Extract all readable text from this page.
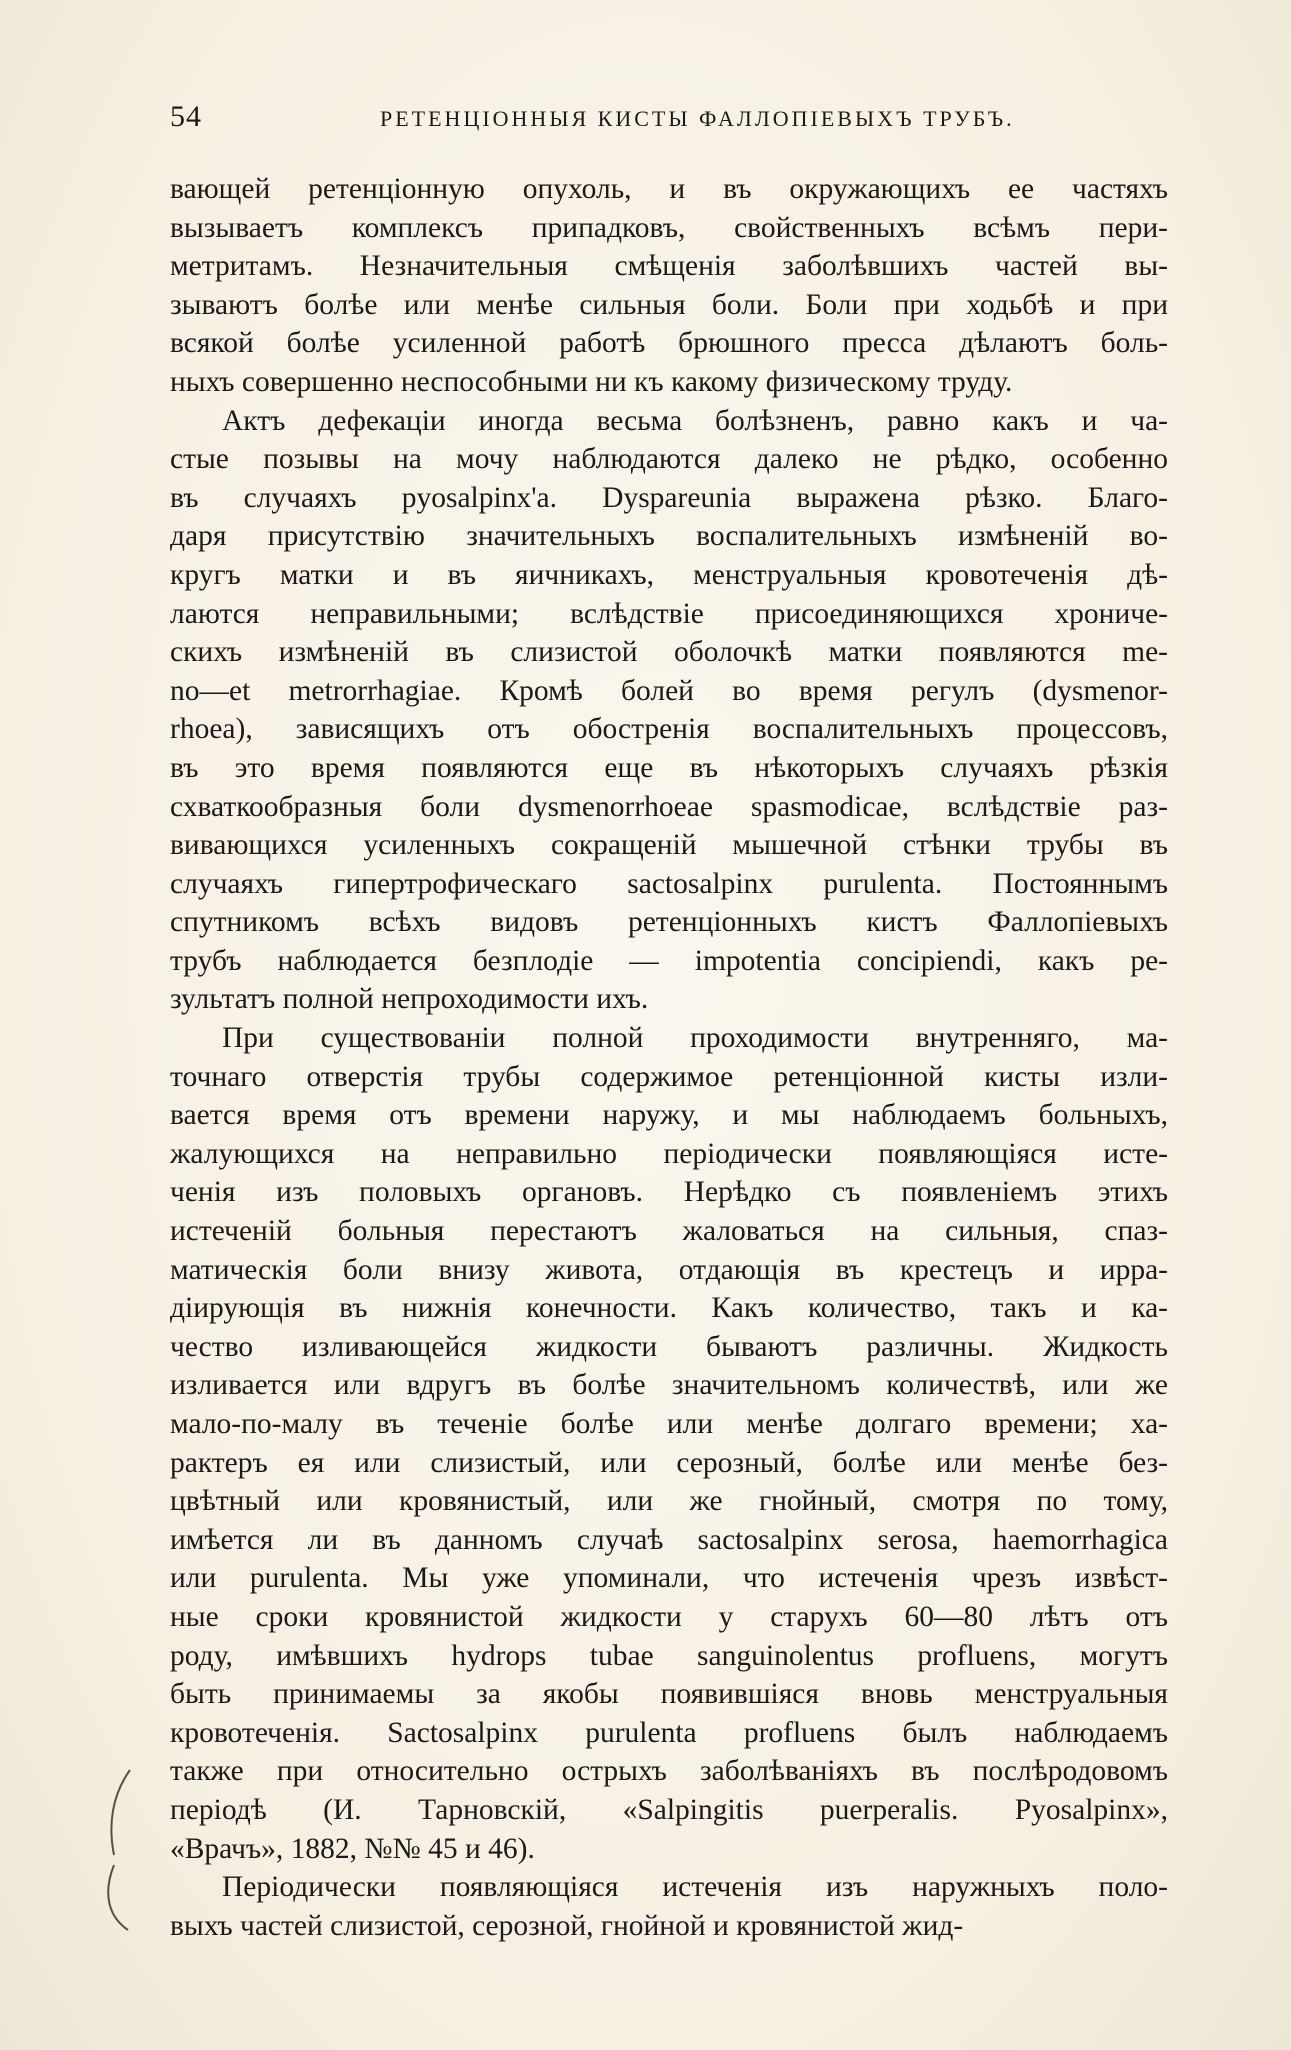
54	РЕТЕНЦІОННЫЯ КИСТЫ ФАЛЛОПІЕВЫХЪ ТРУБЪ.
вающей ретенціонную опухоль, и въ окружающихъ ее частяхъ
вызываетъ комплексъ припадковъ, свойственныхъ всѣмъ пери-
метритамъ. Незначительныя смѣщенія заболѣвшихъ частей вы-
зываютъ болѣе или менѣе сильныя боли. Боли при ходьбѣ и при
всякой болѣе усиленной работѣ брюшного пресса дѣлаютъ боль-
ныхъ совершенно неспособными ни къ какому физическому труду.
Актъ дефекаціи иногда весьма болѣзненъ, равно какъ и ча-
стые позывы на мочу наблюдаются далеко не рѣдко, особенно
въ случаяхъ pyosalpinx'а. Dyspareunia выражена рѣзко. Благо-
даря присутствію значительныхъ воспалительныхъ измѣненій во-
кругъ матки и въ яичникахъ, менструальныя кровотеченія дѣ-
лаются неправильными; вслѣдствіе присоединяющихся хрониче-
скихъ измѣненій въ слизистой оболочкѣ матки появляются me-
no—et metrorrhagiae. Кромѣ болей во время регулъ (dysmenor-
rhoea), зависящихъ отъ обостренія воспалительныхъ процессовъ,
въ это время появляются еще въ нѣкоторыхъ случаяхъ рѣзкія
схваткообразныя боли dysmenorrhoeae spasmodicae, вслѣдствіе раз-
вивающихся усиленныхъ сокращеній мышечной стѣнки трубы въ
случаяхъ гипертрофическаго sactosalpinx purulenta. Постояннымъ
спутникомъ всѣхъ видовъ ретенціонныхъ кистъ Фаллопіевыхъ
трубъ наблюдается безплодіе — impotentia concipiendi, какъ ре-
зультатъ полной непроходимости ихъ.
При существованіи полной проходимости внутренняго, ма-
точнаго отверстія трубы содержимое ретенціонной кисты изли-
вается время отъ времени наружу, и мы наблюдаемъ больныхъ,
жалующихся на неправильно періодически появляющіяся исте-
ченія изъ половыхъ органовъ. Нерѣдко съ появленіемъ этихъ
истеченій больныя перестаютъ жаловаться на сильныя, спаз-
матическія боли внизу живота, отдающія въ крестецъ и ирра-
діирующія въ нижнія конечности. Какъ количество, такъ и ка-
чество изливающейся жидкости бываютъ различны. Жидкость
изливается или вдругъ въ болѣе значительномъ количествѣ, или же
мало-по-малу въ теченіе болѣе или менѣе долгаго времени; ха-
рактеръ ея или слизистый, или серозный, болѣе или менѣе без-
цвѣтный или кровянистый, или же гнойный, смотря по тому,
имѣется ли въ данномъ случаѣ sactosalpinx serosa, haemorrhagica
или purulenta. Мы уже упоминали, что истеченія чрезъ извѣст-
ные сроки кровянистой жидкости у старухъ 60—80 лѣтъ отъ
роду, имѣвшихъ hydrops tubae sanguinolentus profluens, могутъ
быть принимаемы за якобы появившіяся вновь менструальныя
кровотеченія. Sactosalpinx purulenta profluens былъ наблюдаемъ
также при относительно острыхъ заболѣваніяхъ въ послѣродовомъ
періодѣ (И. Тарновскій, «Salpingitis puerperalis. Pyosalpinx»,
«Врачъ», 1882, №№ 45 и 46).
Періодически появляющіяся истеченія изъ наружныхъ поло-
выхъ частей слизистой, серозной, гнойной и кровянистой жид-
